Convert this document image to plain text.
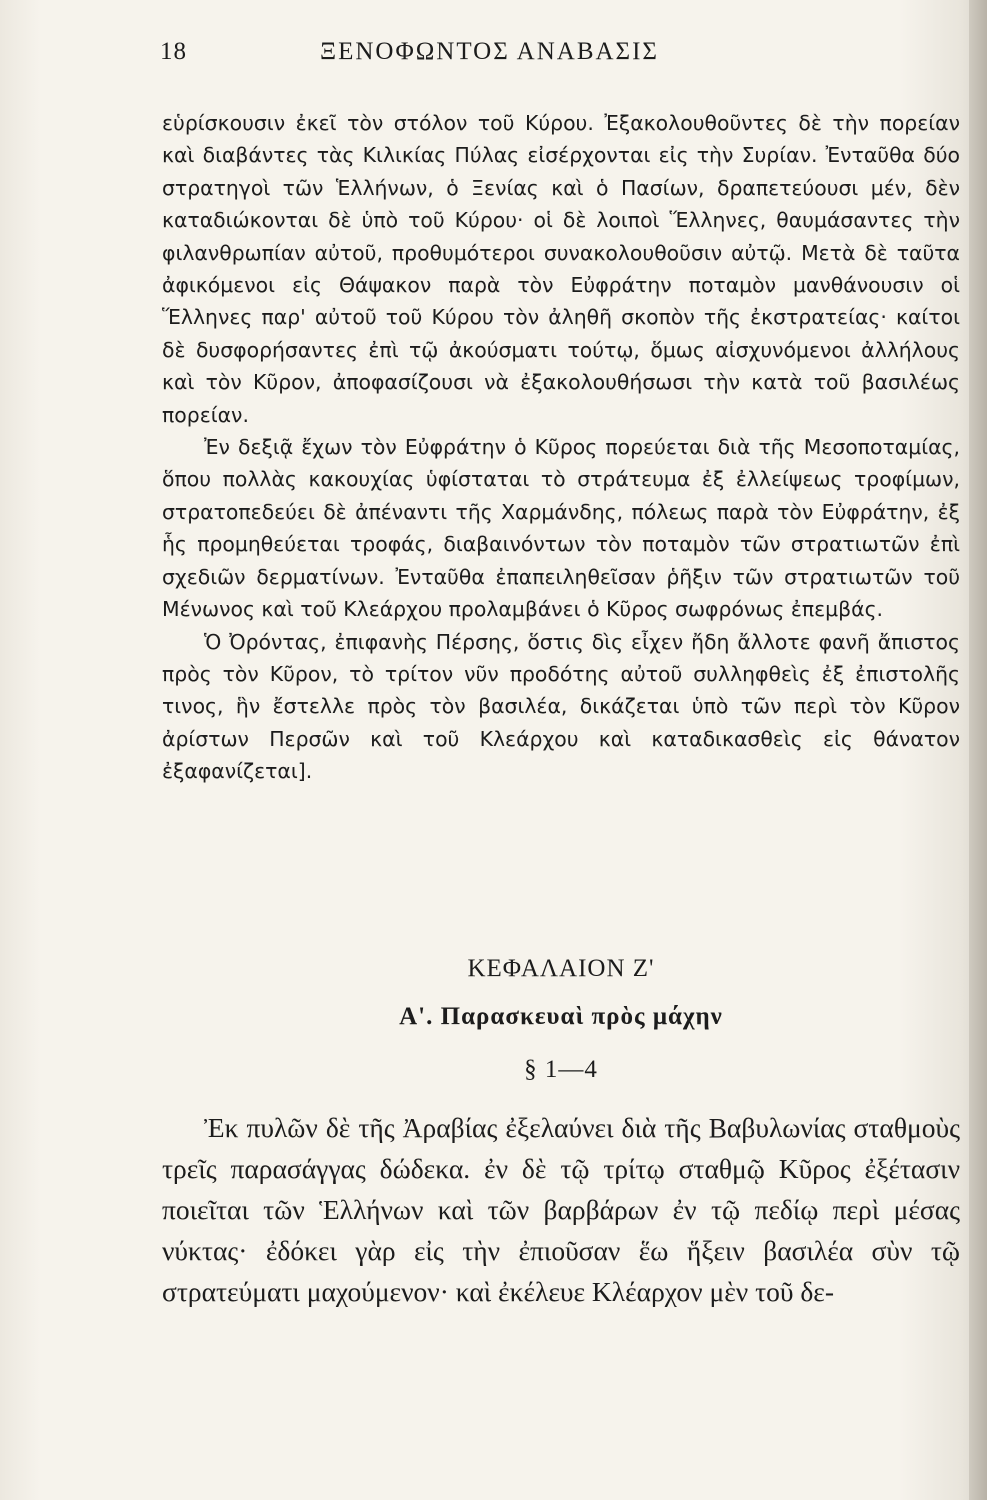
18	ΞΕΝΟΦΩΝΤΟΣ ΑΝΑΒΑΣΙΣ

εὑρίσκουσιν ἐκεῖ τὸν στόλον τοῦ Κύρου. Ἐξακολουθοῦντες δὲ τὴν πορείαν καὶ διαβάντες τὰς Κιλικίας Πύλας εἰσέρχονται εἰς τὴν Συρίαν. Ἐνταῦθα δύο στρατηγοὶ τῶν Ἑλλήνων, ὁ Ξενίας καὶ ὁ Πασίων, δραπετεύουσι μέν, δὲν καταδιώκονται δὲ ὑπὸ τοῦ Κύρου· οἱ δὲ λοιποὶ Ἕλληνες, θαυμάσαντες τὴν φιλανθρωπίαν αὐτοῦ, προθυμότεροι συνακολουθοῦσιν αὐτῷ. Μετὰ δὲ ταῦτα ἀφικόμενοι εἰς Θάψακον παρὰ τὸν Εὐφράτην ποταμὸν μανθάνουσιν οἱ Ἕλληνες παρ' αὐτοῦ τοῦ Κύρου τὸν ἀληθῆ σκοπὸν τῆς ἐκστρατείας· καίτοι δὲ δυσφορήσαντες ἐπὶ τῷ ἀκούσματι τούτῳ, ὅμως αἰσχυνόμενοι ἀλλήλους καὶ τὸν Κῦρον, ἀποφασίζουσι νὰ ἐξακολουθήσωσι τὴν κατὰ τοῦ βασιλέως πορείαν.

Ἐν δεξιᾷ ἔχων τὸν Εὐφράτην ὁ Κῦρος πορεύεται διὰ τῆς Μεσοποταμίας, ὅπου πολλὰς κακουχίας ὑφίσταται τὸ στράτευμα ἐξ ἐλλείψεως τροφίμων, στρατοπεδεύει δὲ ἀπέναντι τῆς Χαρμάνδης, πόλεως παρὰ τὸν Εὐφράτην, ἐξ ἧς προμηθεύεται τροφάς, διαβαινόντων τὸν ποταμὸν τῶν στρατιωτῶν ἐπὶ σχεδιῶν δερματίνων. Ἐνταῦθα ἐπαπειληθεῖσαν ῥῆξιν τῶν στρατιωτῶν τοῦ Μένωνος καὶ τοῦ Κλεάρχου προλαμβάνει ὁ Κῦρος σωφρόνως ἐπεμβάς.

Ὁ Ὀρόντας, ἐπιφανὴς Πέρσης, ὅστις δὶς εἶχεν ἤδη ἄλλοτε φανῆ ἄπιστος πρὸς τὸν Κῦρον, τὸ τρίτον νῦν προδότης αὐτοῦ συλληφθεὶς ἐξ ἐπιστολῆς τινος, ἣν ἔστελλε πρὸς τὸν βασιλέα, δικάζεται ὑπὸ τῶν περὶ τὸν Κῦρον ἀρίστων Περσῶν καὶ τοῦ Κλεάρχου καὶ καταδικασθεὶς εἰς θάνατον ἐξαφανίζεται].

ΚΕΦΑΛΑΙΟΝ Ζ'
Α'. Παρασκευαὶ πρὸς μάχην
§ 1—4

Ἐκ πυλῶν δὲ τῆς Ἀραβίας ἐξελαύνει διὰ τῆς Βαβυλωνίας σταθμοὺς τρεῖς παρασάγγας δώδεκα. ἐν δὲ τῷ τρίτῳ σταθμῷ Κῦρος ἐξέτασιν ποιεῖται τῶν Ἑλλήνων καὶ τῶν βαρβάρων ἐν τῷ πεδίῳ περὶ μέσας νύκτας· ἐδόκει γὰρ εἰς τὴν ἐπιοῦσαν ἕω ἥξειν βασιλέα σὺν τῷ στρατεύματι μαχούμενον· καὶ ἐκέλευε Κλέαρχον μὲν τοῦ δε-
